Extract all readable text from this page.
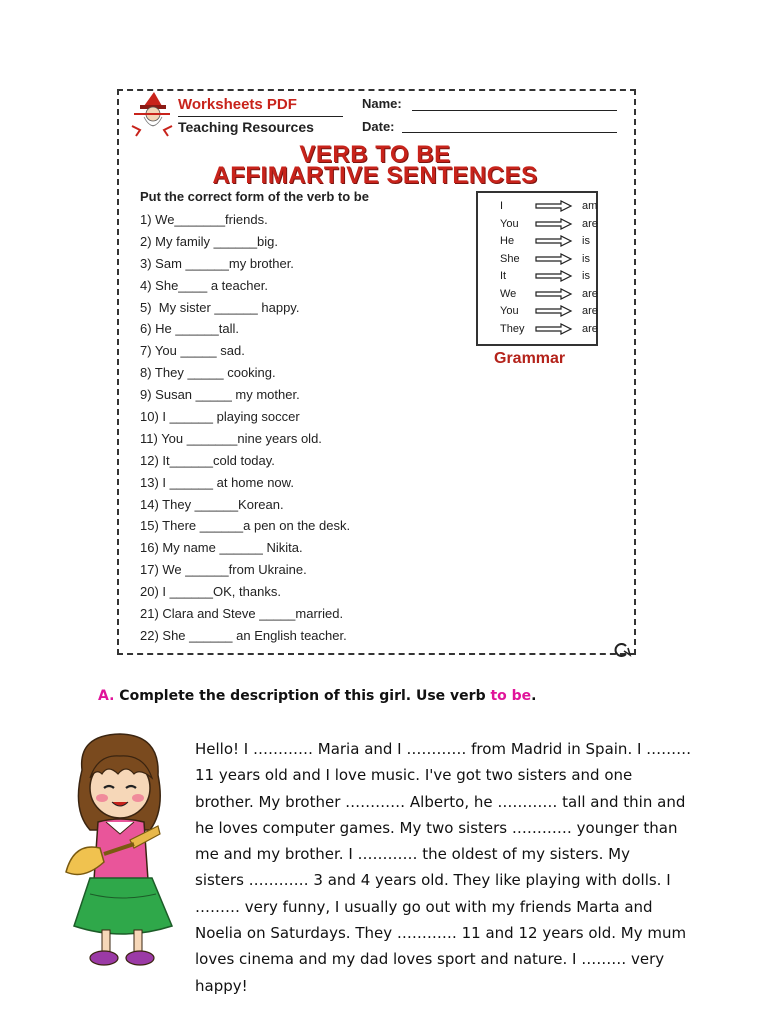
Worksheets PDF
Teaching Resources
Name:
Date:
VERB TO BE
AFFIMARTIVE SENTENCES
Put the correct form of the verb to be
1) We_______friends.
2) My family ______big.
3) Sam ______my brother.
4) She____ a teacher.
5)  My sister ______ happy.
6) He ______tall.
7) You _____ sad.
8) They _____ cooking.
9) Susan _____ my mother.
10) I ______ playing soccer
11) You _______nine years old.
12) It______cold today.
13) I ______ at home now.
14) They ______Korean.
15) There ______a pen on the desk.
16) My name ______ Nikita.
17) We ______from Ukraine.
20) I ______OK, thanks.
21) Clara and Steve _____married.
22) She ______ an English teacher.
I	am
You	are
He	is
She	is
It	is
We	are
You	are
They	are
Grammar
A. Complete the description of this girl. Use verb to be.
Hello! I ………… Maria and I ………… from Madrid in Spain. I ………
11 years old and I love music. I've got two sisters and one
brother. My brother ………… Alberto, he ………… tall and thin and
he loves computer games. My two sisters ………… younger than
me and my brother. I ………… the oldest of my sisters. My
sisters ………… 3 and 4 years old. They like playing with dolls. I
……… very funny, I usually go out with my friends Marta and
Noelia on Saturdays. They ………… 11 and 12 years old. My mum
loves cinema and my dad loves sport and nature. I ……… very
happy!
